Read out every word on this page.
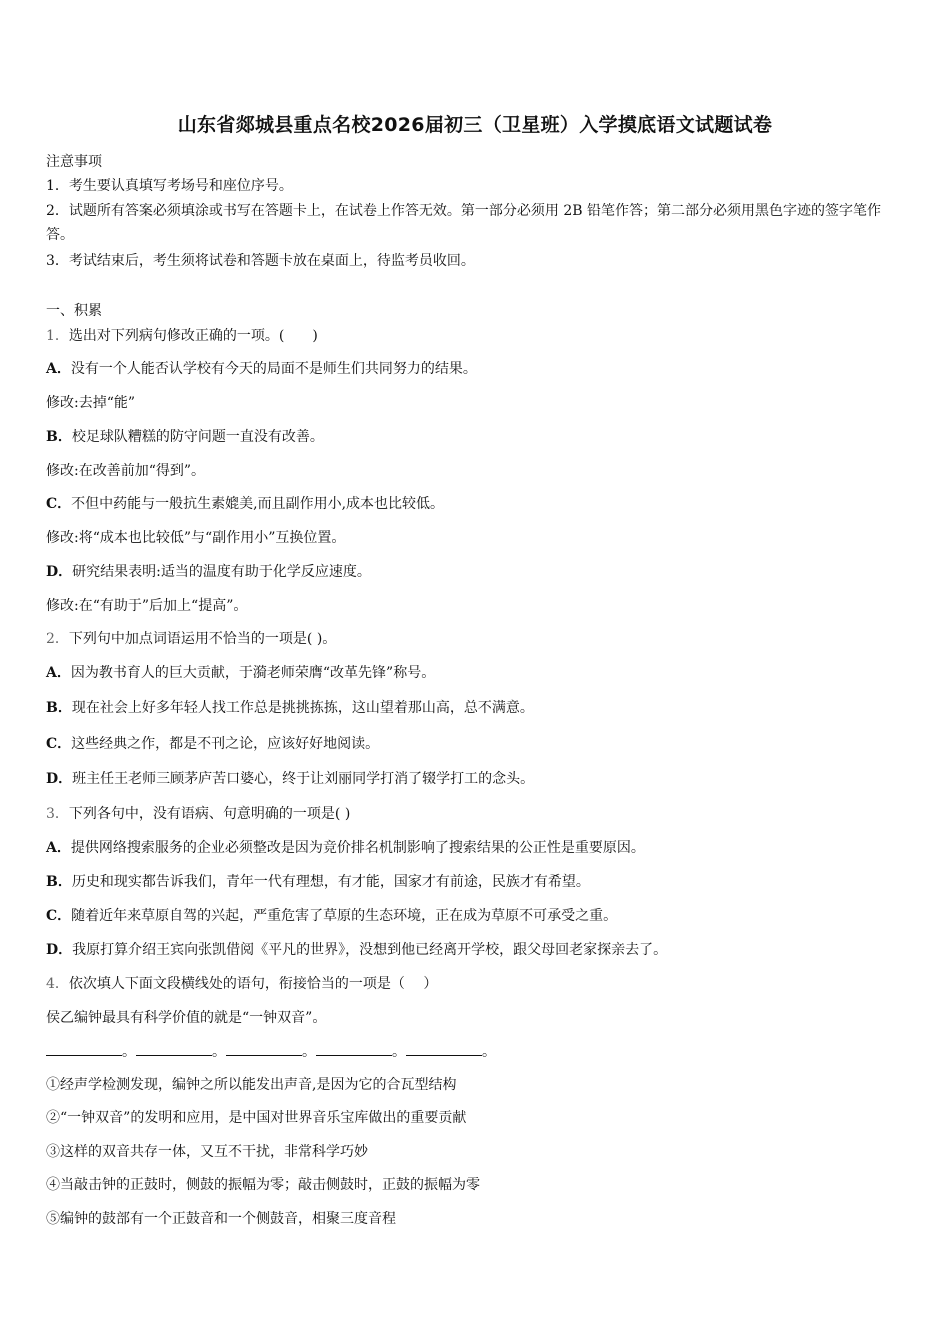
山东省郯城县重点名校2026届初三（卫星班）入学摸底语文试题试卷
注意事项
1．考生要认真填写考场号和座位序号。
2．试题所有答案必须填涂或书写在答题卡上，在试卷上作答无效。第一部分必须用 2B 铅笔作答；第二部分必须用黑色字迹的签字笔作答。
3．考试结束后，考生须将试卷和答题卡放在桌面上，待监考员收回。
一、积累
1．选出对下列病句修改正确的一项。(　　)
A．没有一个人能否认学校有今天的局面不是师生们共同努力的结果。
修改:去掉“能”
B．校足球队糟糕的防守问题一直没有改善。
修改:在改善前加“得到”。
C．不但中药能与一般抗生素媲美,而且副作用小,成本也比较低。
修改:将“成本也比较低”与“副作用小”互换位置。
D．研究结果表明:适当的温度有助于化学反应速度。
修改:在“有助于”后加上“提高”。
2．下列句中加点词语运用不恰当的一项是( )。
A．因为教书育人的巨大贡献，于漪老师荣膺“改革先锋”称号。
B．现在社会上好多年轻人找工作总是挑挑拣拣，这山望着那山高，总不满意。
C．这些经典之作，都是不刊之论，应该好好地阅读。
D．班主任王老师三顾茅庐苦口婆心，终于让刘丽同学打消了辍学打工的念头。
3．下列各句中，没有语病、句意明确的一项是( )
A．提供网络搜索服务的企业必须整改是因为竞价排名机制影响了搜索结果的公正性是重要原因。
B．历史和现实都告诉我们，青年一代有理想，有才能，国家才有前途，民族才有希望。
C．随着近年来草原自驾的兴起，严重危害了草原的生态环境，正在成为草原不可承受之重。
D．我原打算介绍王宾向张凯借阅《平凡的世界》，没想到他已经离开学校，跟父母回老家探亲去了。
4．依次填人下面文段横线处的语句，衔接恰当的一项是（　 ）
侯乙编钟最具有科学价值的就是“一钟双音”。
。	。	。	。	。
①经声学检测发现，编钟之所以能发出声音,是因为它的合瓦型结构
②“一钟双音”的发明和应用，是中国对世界音乐宝库做出的重要贡献
③这样的双音共存一体，又互不干扰，非常科学巧妙
④当敲击钟的正鼓时，侧鼓的振幅为零；敲击侧鼓时，正鼓的振幅为零
⑤编钟的鼓部有一个正鼓音和一个侧鼓音，相聚三度音程
